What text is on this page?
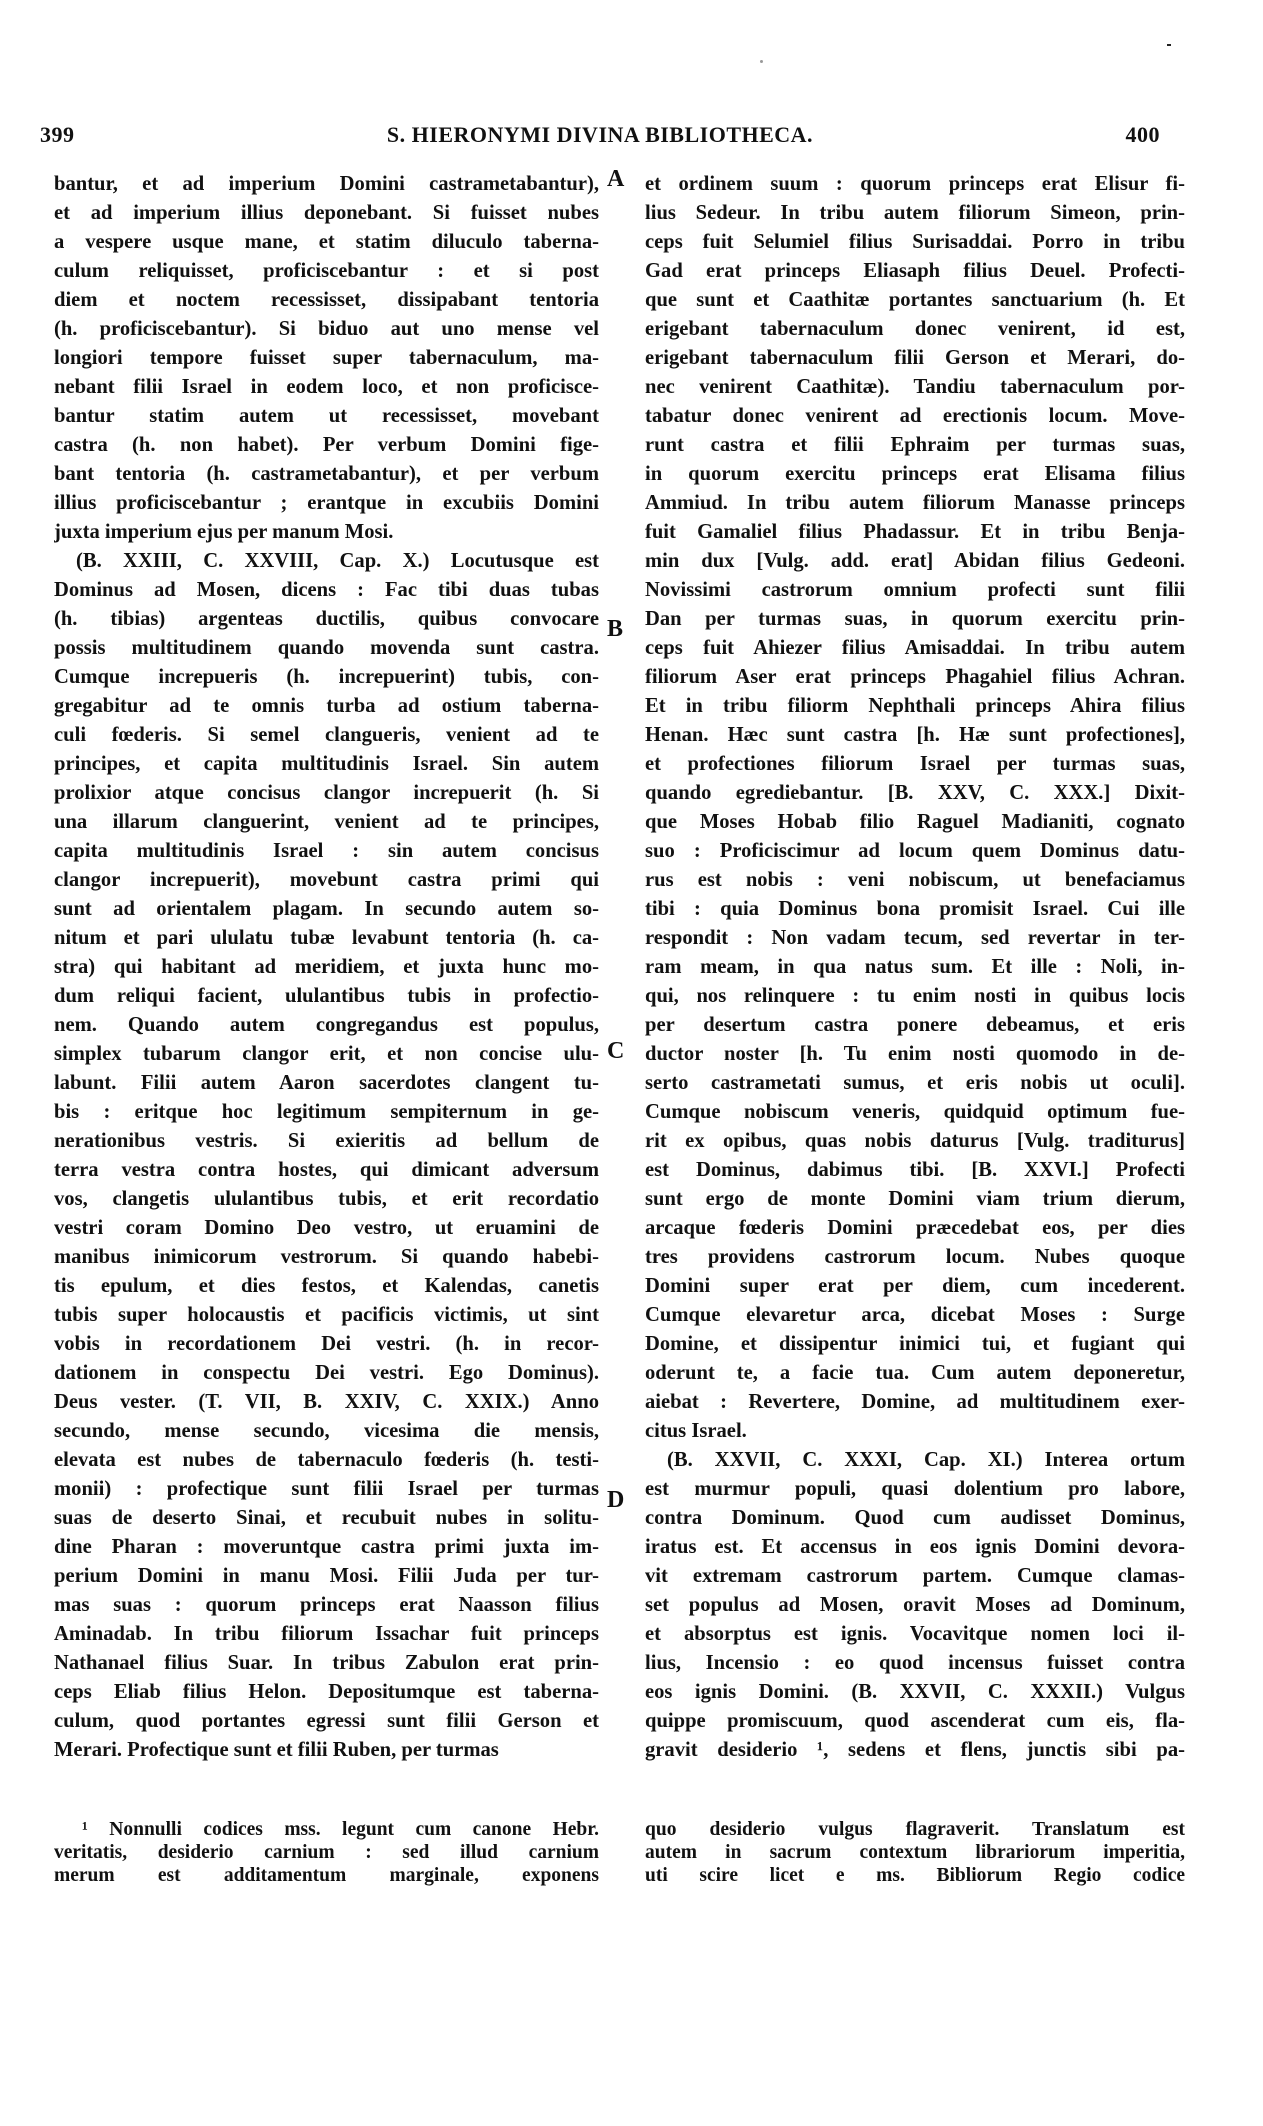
399	S. HIERONYMI DIVINA BIBLIOTHECA.	400
A
B
C
D
bantur, et ad imperium Domini castrametabantur),
et ad imperium illius deponebant. Si fuisset nubes
a vespere usque mane, et statim diluculo taberna-
culum reliquisset, proficiscebantur : et si post
diem et noctem recessisset, dissipabant tentoria
(h. proficiscebantur). Si biduo aut uno mense vel
longiori tempore fuisset super tabernaculum, ma-
nebant filii Israel in eodem loco, et non proficisce-
bantur statim autem ut recessisset, movebant
castra (h. non habet). Per verbum Domini fige-
bant tentoria (h. castrametabantur), et per verbum
illius proficiscebantur ; erantque in excubiis Domini
juxta imperium ejus per manum Mosi.
(B. XXIII, C. XXVIII, Cap. X.) Locutusque est
Dominus ad Mosen, dicens : Fac tibi duas tubas
(h. tibias) argenteas ductilis, quibus convocare
possis multitudinem quando movenda sunt castra.
Cumque increpueris (h. increpuerint) tubis, con-
gregabitur ad te omnis turba ad ostium taberna-
culi fœderis. Si semel clangueris, venient ad te
principes, et capita multitudinis Israel. Sin autem
prolixior atque concisus clangor increpuerit (h. Si
una illarum clanguerint, venient ad te principes,
capita multitudinis Israel : sin autem concisus
clangor increpuerit), movebunt castra primi qui
sunt ad orientalem plagam. In secundo autem so-
nitum et pari ululatu tubæ levabunt tentoria (h. ca-
stra) qui habitant ad meridiem, et juxta hunc mo-
dum reliqui facient, ululantibus tubis in profectio-
nem. Quando autem congregandus est populus,
simplex tubarum clangor erit, et non concise ulu-
labunt. Filii autem Aaron sacerdotes clangent tu-
bis : eritque hoc legitimum sempiternum in ge-
nerationibus vestris. Si exieritis ad bellum de
terra vestra contra hostes, qui dimicant adversum
vos, clangetis ululantibus tubis, et erit recordatio
vestri coram Domino Deo vestro, ut eruamini de
manibus inimicorum vestrorum. Si quando habebi-
tis epulum, et dies festos, et Kalendas, canetis
tubis super holocaustis et pacificis victimis, ut sint
vobis in recordationem Dei vestri. (h. in recor-
dationem in conspectu Dei vestri. Ego Dominus).
Deus vester. (T. VII, B. XXIV, C. XXIX.) Anno
secundo, mense secundo, vicesima die mensis,
elevata est nubes de tabernaculo fœderis (h. testi-
monii) : profectique sunt filii Israel per turmas
suas de deserto Sinai, et recubuit nubes in solitu-
dine Pharan : moveruntque castra primi juxta im-
perium Domini in manu Mosi. Filii Juda per tur-
mas suas : quorum princeps erat Naasson filius
Aminadab. In tribu filiorum Issachar fuit princeps
Nathanael filius Suar. In tribus Zabulon erat prin-
ceps Eliab filius Helon. Depositumque est taberna-
culum, quod portantes egressi sunt filii Gerson et
Merari. Profectique sunt et filii Ruben, per turmas
et ordinem suum : quorum princeps erat Elisur fi-
lius Sedeur. In tribu autem filiorum Simeon, prin-
ceps fuit Selumiel filius Surisaddai. Porro in tribu
Gad erat princeps Eliasaph filius Deuel. Profecti-
que sunt et Caathitæ portantes sanctuarium (h. Et
erigebant tabernaculum donec venirent, id est,
erigebant tabernaculum filii Gerson et Merari, do-
nec venirent Caathitæ). Tandiu tabernaculum por-
tabatur donec venirent ad erectionis locum. Move-
runt castra et filii Ephraim per turmas suas,
in quorum exercitu princeps erat Elisama filius
Ammiud. In tribu autem filiorum Manasse princeps
fuit Gamaliel filius Phadassur. Et in tribu Benja-
min dux [Vulg. add. erat] Abidan filius Gedeoni.
Novissimi castrorum omnium profecti sunt filii
Dan per turmas suas, in quorum exercitu prin-
ceps fuit Ahiezer filius Amisaddai. In tribu autem
filiorum Aser erat princeps Phagahiel filius Achran.
Et in tribu filiorm Nephthali princeps Ahira filius
Henan. Hæc sunt castra [h. Hæ sunt profectiones],
et profectiones filiorum Israel per turmas suas,
quando egrediebantur. [B. XXV, C. XXX.] Dixit-
que Moses Hobab filio Raguel Madianiti, cognato
suo : Proficiscimur ad locum quem Dominus datu-
rus est nobis : veni nobiscum, ut benefaciamus
tibi : quia Dominus bona promisit Israel. Cui ille
respondit : Non vadam tecum, sed revertar in ter-
ram meam, in qua natus sum. Et ille : Noli, in-
qui, nos relinquere : tu enim nosti in quibus locis
per desertum castra ponere debeamus, et eris
ductor noster [h. Tu enim nosti quomodo in de-
serto castrametati sumus, et eris nobis ut oculi].
Cumque nobiscum veneris, quidquid optimum fue-
rit ex opibus, quas nobis daturus [Vulg. traditurus]
est Dominus, dabimus tibi. [B. XXVI.] Profecti
sunt ergo de monte Domini viam trium dierum,
arcaque fœderis Domini præcedebat eos, per dies
tres providens castrorum locum. Nubes quoque
Domini super erat per diem, cum incederent.
Cumque elevaretur arca, dicebat Moses : Surge
Domine, et dissipentur inimici tui, et fugiant qui
oderunt te, a facie tua. Cum autem deponeretur,
aiebat : Revertere, Domine, ad multitudinem exer-
citus Israel.
(B. XXVII, C. XXXI, Cap. XI.) Interea ortum
est murmur populi, quasi dolentium pro labore,
contra Dominum. Quod cum audisset Dominus,
iratus est. Et accensus in eos ignis Domini devora-
vit extremam castrorum partem. Cumque clamas-
set populus ad Mosen, oravit Moses ad Dominum,
et absorptus est ignis. Vocavitque nomen loci il-
lius, Incensio : eo quod incensus fuisset contra
eos ignis Domini. (B. XXVII, C. XXXII.) Vulgus
quippe promiscuum, quod ascenderat cum eis, fla-
gravit desiderio ¹, sedens et flens, junctis sibi pa-
¹ Nonnulli codices mss. legunt cum canone Hebr.
veritatis, desiderio carnium : sed illud carnium
merum est additamentum marginale, exponens
quo desiderio vulgus flagraverit. Translatum est
autem in sacrum contextum librariorum imperitia,
uti scire licet e ms. Bibliorum Regio codice
